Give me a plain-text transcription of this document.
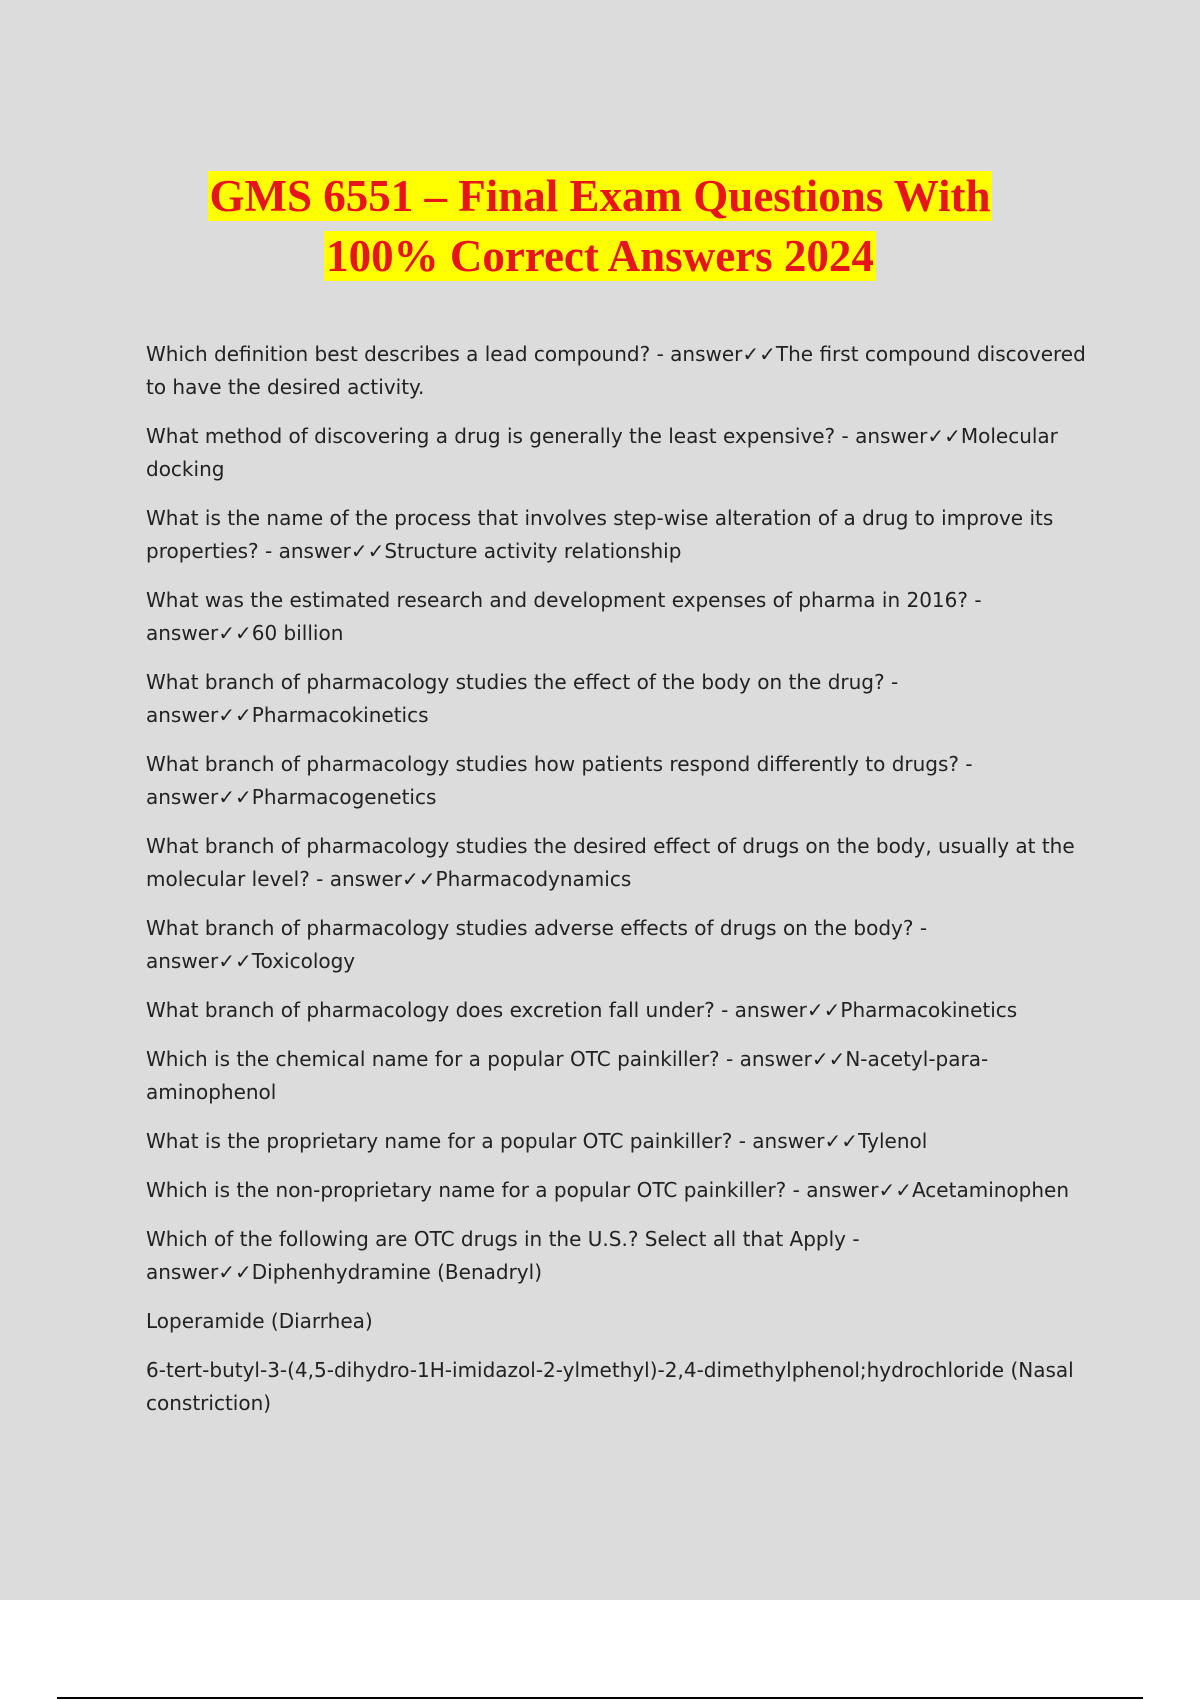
GMS 6551 – Final Exam Questions With
100% Correct Answers 2024

Which definition best describes a lead compound? - answer✓✓The first compound discovered to have the desired activity.

What method of discovering a drug is generally the least expensive? - answer✓✓Molecular docking

What is the name of the process that involves step-wise alteration of a drug to improve its properties? - answer✓✓Structure activity relationship

What was the estimated research and development expenses of pharma in 2016? - answer✓✓60 billion

What branch of pharmacology studies the effect of the body on the drug? - answer✓✓Pharmacokinetics

What branch of pharmacology studies how patients respond differently to drugs? - answer✓✓Pharmacogenetics

What branch of pharmacology studies the desired effect of drugs on the body, usually at the molecular level? - answer✓✓Pharmacodynamics

What branch of pharmacology studies adverse effects of drugs on the body? - answer✓✓Toxicology

What branch of pharmacology does excretion fall under? - answer✓✓Pharmacokinetics

Which is the chemical name for a popular OTC painkiller? - answer✓✓N-acetyl-para-aminophenol

What is the proprietary name for a popular OTC painkiller? - answer✓✓Tylenol

Which is the non-proprietary name for a popular OTC painkiller? - answer✓✓Acetaminophen

Which of the following are OTC drugs in the U.S.? Select all that Apply - answer✓✓Diphenhydramine (Benadryl)

Loperamide (Diarrhea)

6-tert-butyl-3-(4,5-dihydro-1H-imidazol-2-ylmethyl)-2,4-dimethylphenol;hydrochloride (Nasal constriction)
